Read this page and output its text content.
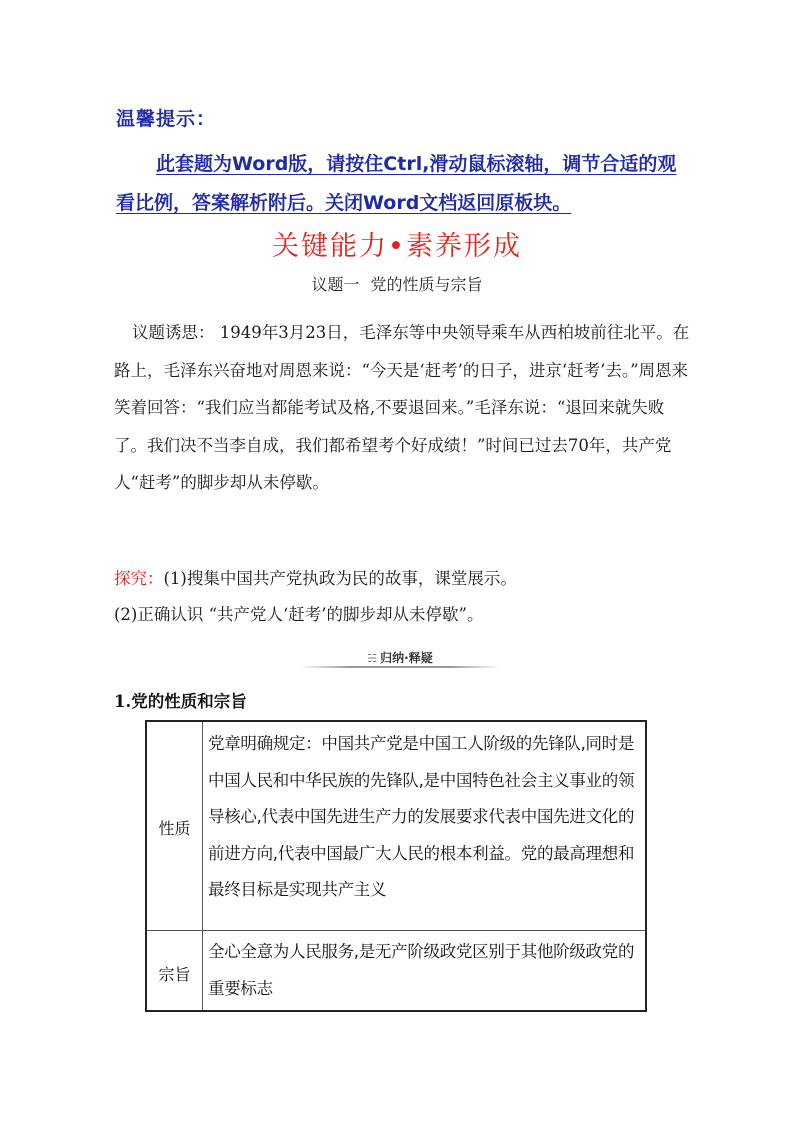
温馨提示：
此套题为Word版，请按住Ctrl,滑动鼠标滚轴，调节合适的观看比例，答案解析附后。关闭Word文档返回原板块。
关键能力•素养形成
议题一 党的性质与宗旨
议题诱思： 1949年3月23日，毛泽东等中央领导乘车从西柏坡前往北平。在路上，毛泽东兴奋地对周恩来说：“今天是‘赶考’的日子，进京‘赶考’去。”周恩来笑着回答：“我们应当都能考试及格,不要退回来。”毛泽东说：“退回来就失败了。我们决不当李自成，我们都希望考个好成绩！”时间已过去70年，共产党人“赶考”的脚步却从未停歇。
探究：(1)搜集中国共产党执政为民的故事，课堂展示。
(2)正确认识 “共产党人‘赶考’的脚步却从未停歇”。
☵ 归纳·释疑
1.党的性质和宗旨
性质
党章明确规定：中国共产党是中国工人阶级的先锋队,同时是中国人民和中华民族的先锋队,是中国特色社会主义事业的领导核心,代表中国先进生产力的发展要求代表中国先进文化的前进方向,代表中国最广大人民的根本利益。党的最高理想和最终目标是实现共产主义
宗旨
全心全意为人民服务,是无产阶级政党区别于其他阶级政党的重要标志
